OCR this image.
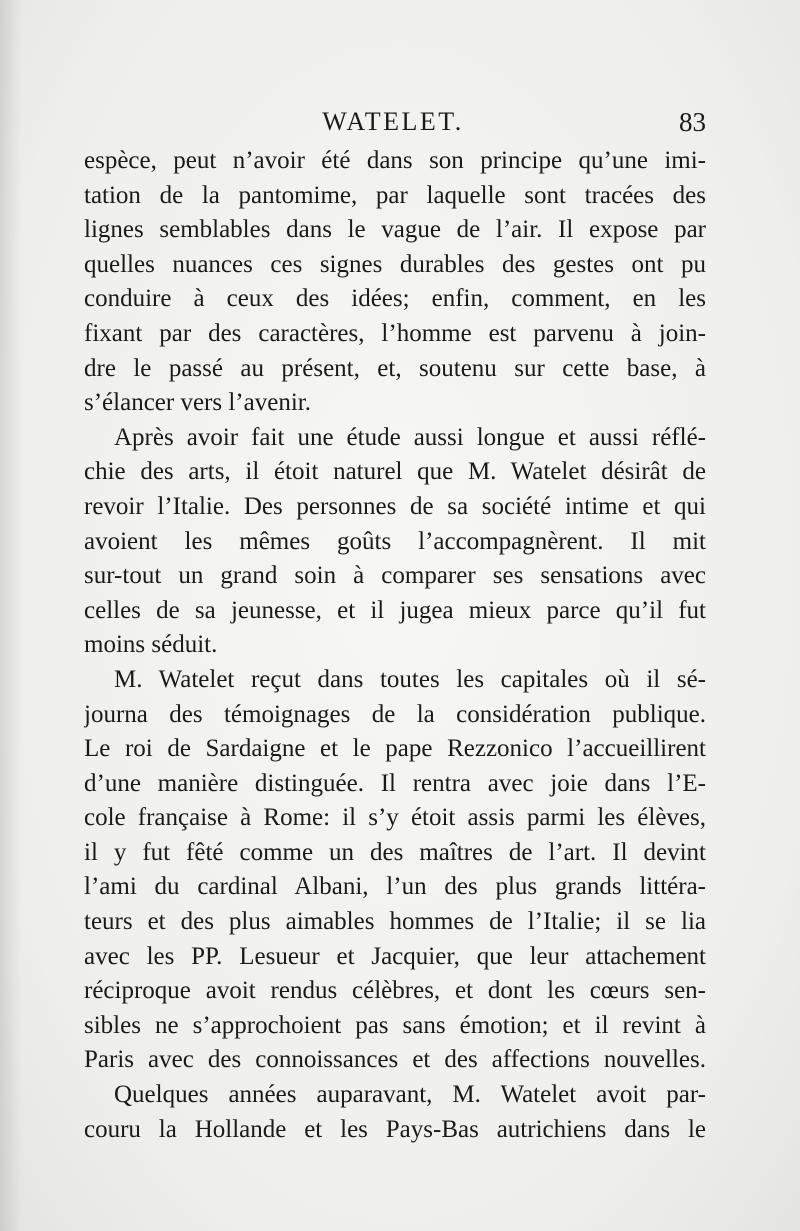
WATELET.	83
espèce, peut n’avoir été dans son principe qu’une imi-
tation de la pantomime, par laquelle sont tracées des
lignes semblables dans le vague de l’air. Il expose par
quelles nuances ces signes durables des gestes ont pu
conduire à ceux des idées; enfin, comment, en les
fixant par des caractères, l’homme est parvenu à join-
dre le passé au présent, et, soutenu sur cette base, à
s’élancer vers l’avenir.
Après avoir fait une étude aussi longue et aussi réflé-
chie des arts, il étoit naturel que M. Watelet désirât de
revoir l’Italie. Des personnes de sa société intime et qui
avoient les mêmes goûts l’accompagnèrent. Il mit
sur-tout un grand soin à comparer ses sensations avec
celles de sa jeunesse, et il jugea mieux parce qu’il fut
moins séduit.
M. Watelet reçut dans toutes les capitales où il sé-
journa des témoignages de la considération publique.
Le roi de Sardaigne et le pape Rezzonico l’accueillirent
d’une manière distinguée. Il rentra avec joie dans l’E-
cole française à Rome: il s’y étoit assis parmi les élèves,
il y fut fêté comme un des maîtres de l’art. Il devint
l’ami du cardinal Albani, l’un des plus grands littéra-
teurs et des plus aimables hommes de l’Italie; il se lia
avec les PP. Lesueur et Jacquier, que leur attachement
réciproque avoit rendus célèbres, et dont les cœurs sen-
sibles ne s’approchoient pas sans émotion; et il revint à
Paris avec des connoissances et des affections nouvelles.
Quelques années auparavant, M. Watelet avoit par-
couru la Hollande et les Pays-Bas autrichiens dans le
